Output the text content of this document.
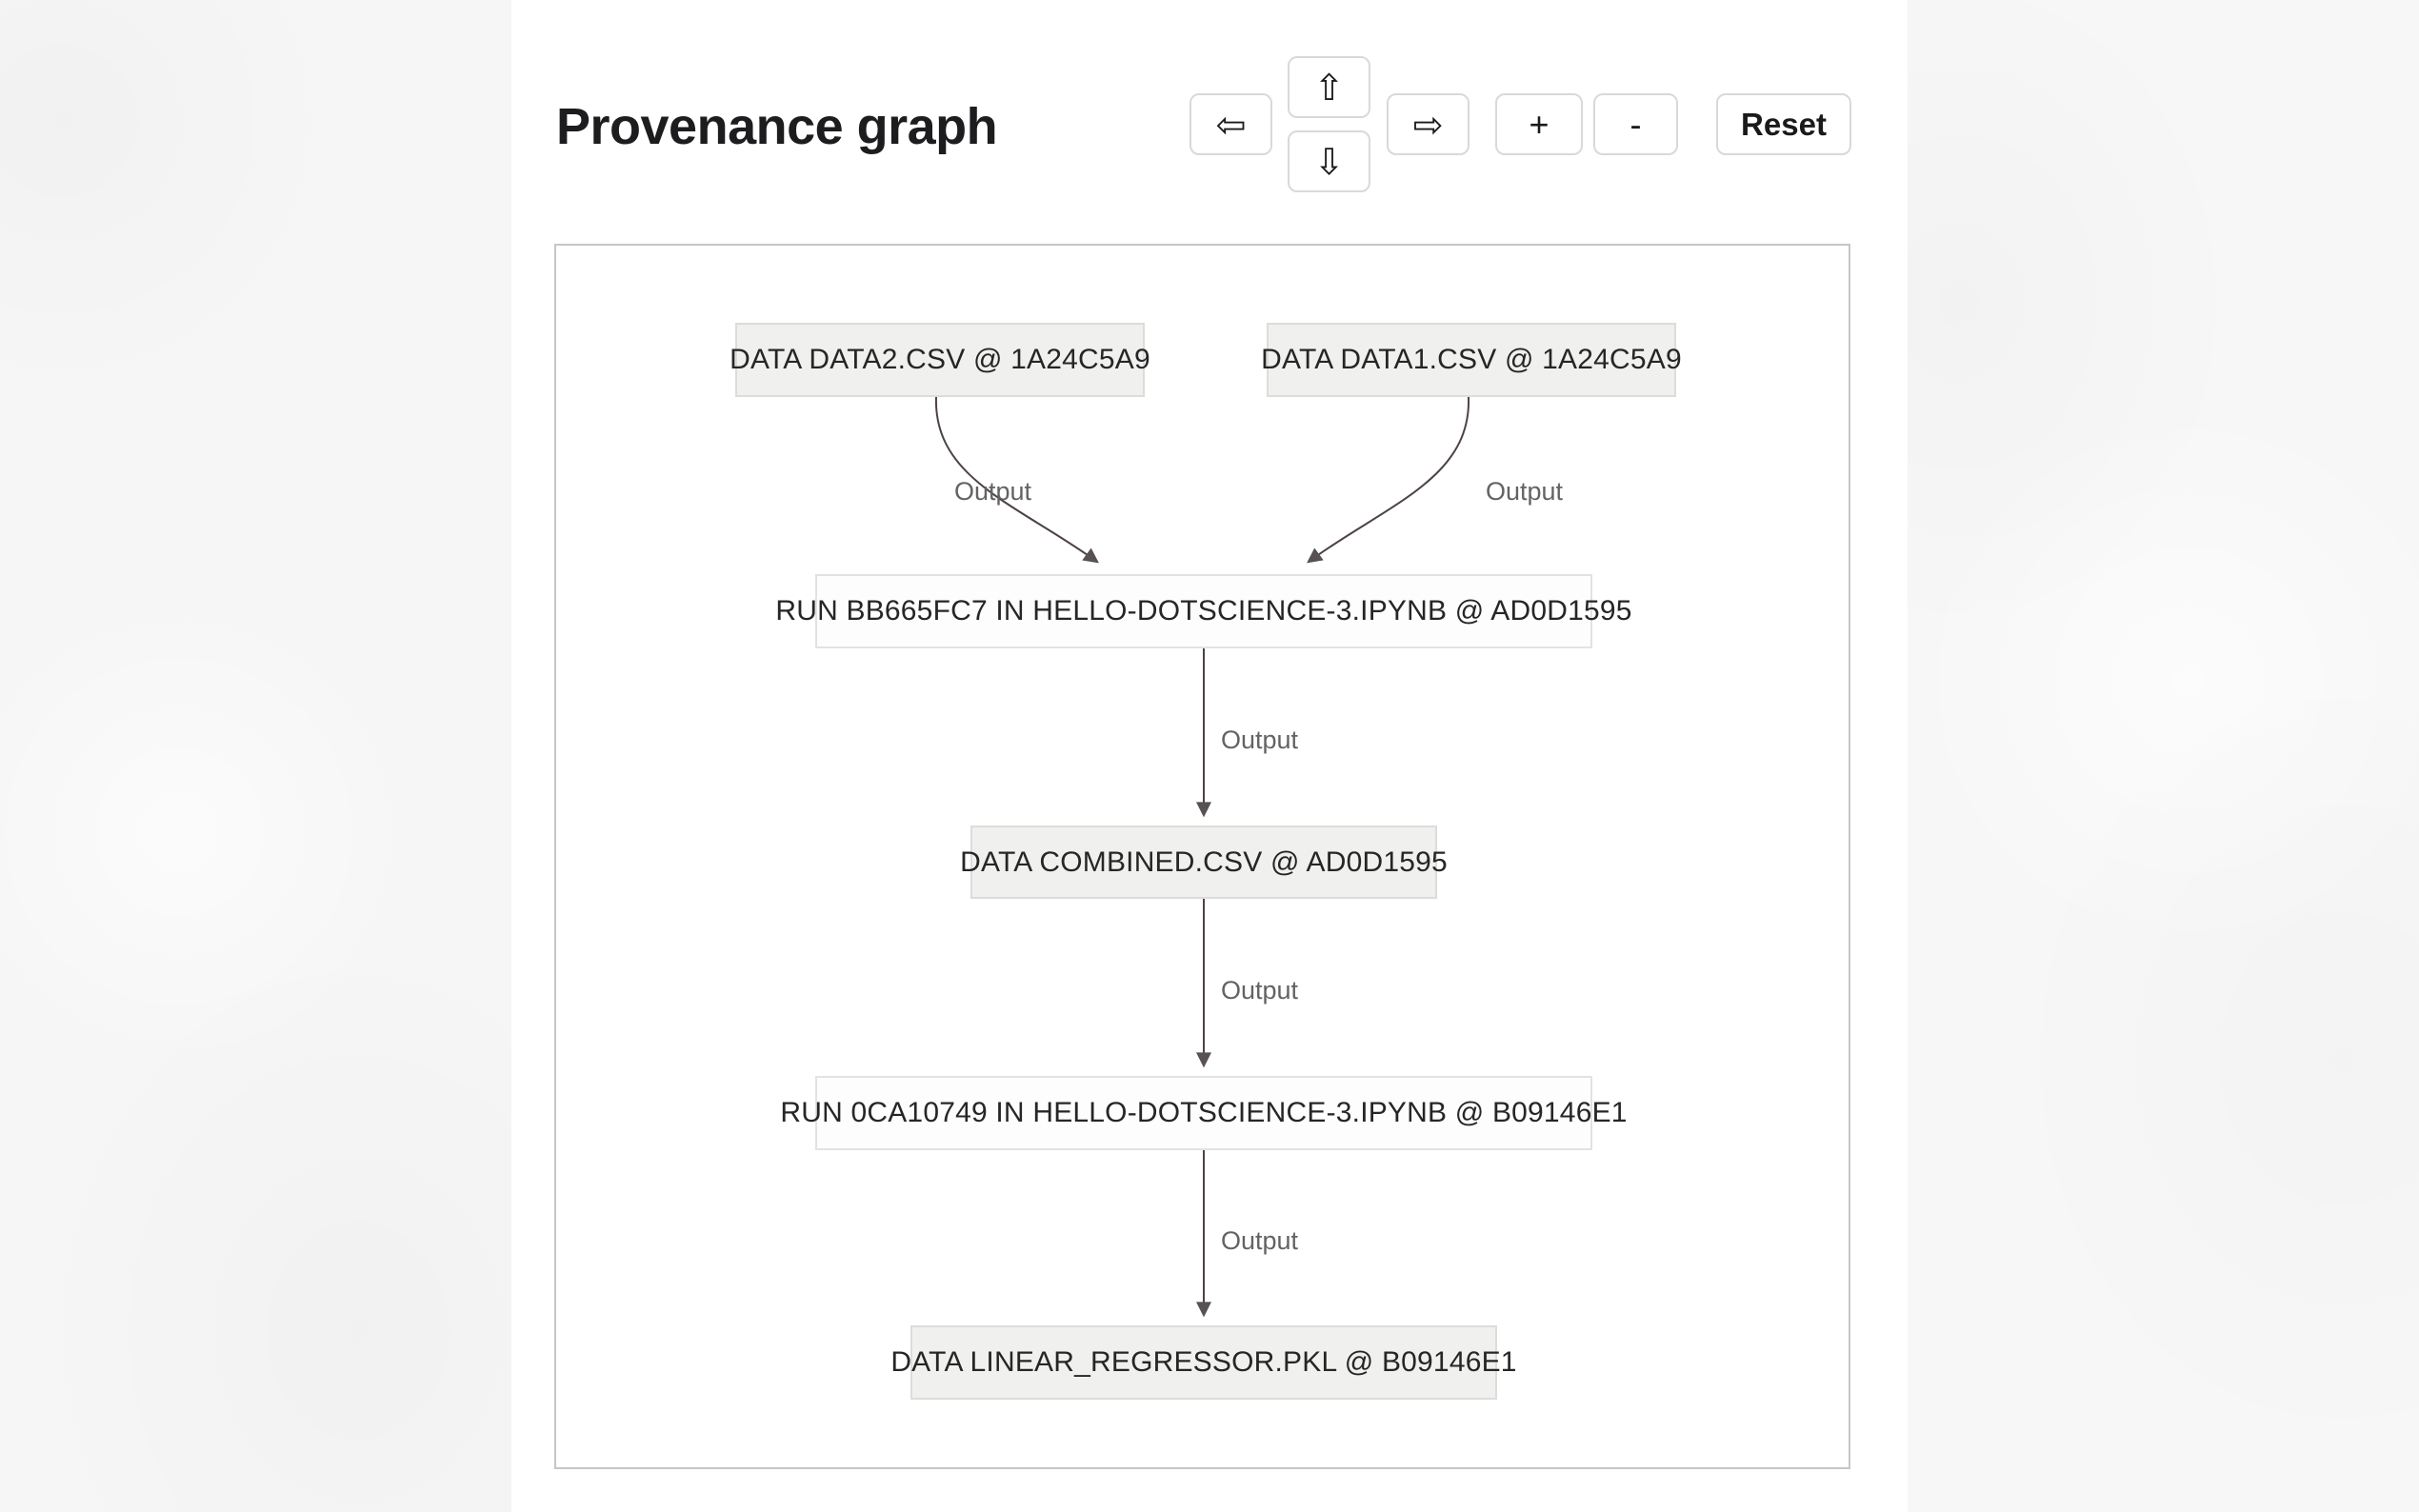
Provenance graph	⇦
⇧
⇩
⇨	+	-	Reset
DATA DATA2.CSV @ 1A24C5A9	DATA DATA1.CSV @ 1A24C5A9
RUN BB665FC7 IN HELLO-DOTSCIENCE-3.IPYNB @ AD0D1595
DATA COMBINED.CSV @ AD0D1595
RUN 0CA10749 IN HELLO-DOTSCIENCE-3.IPYNB @ B09146E1
DATA LINEAR_REGRESSOR.PKL @ B09146E1
Output	Output
Output
Output
Output
